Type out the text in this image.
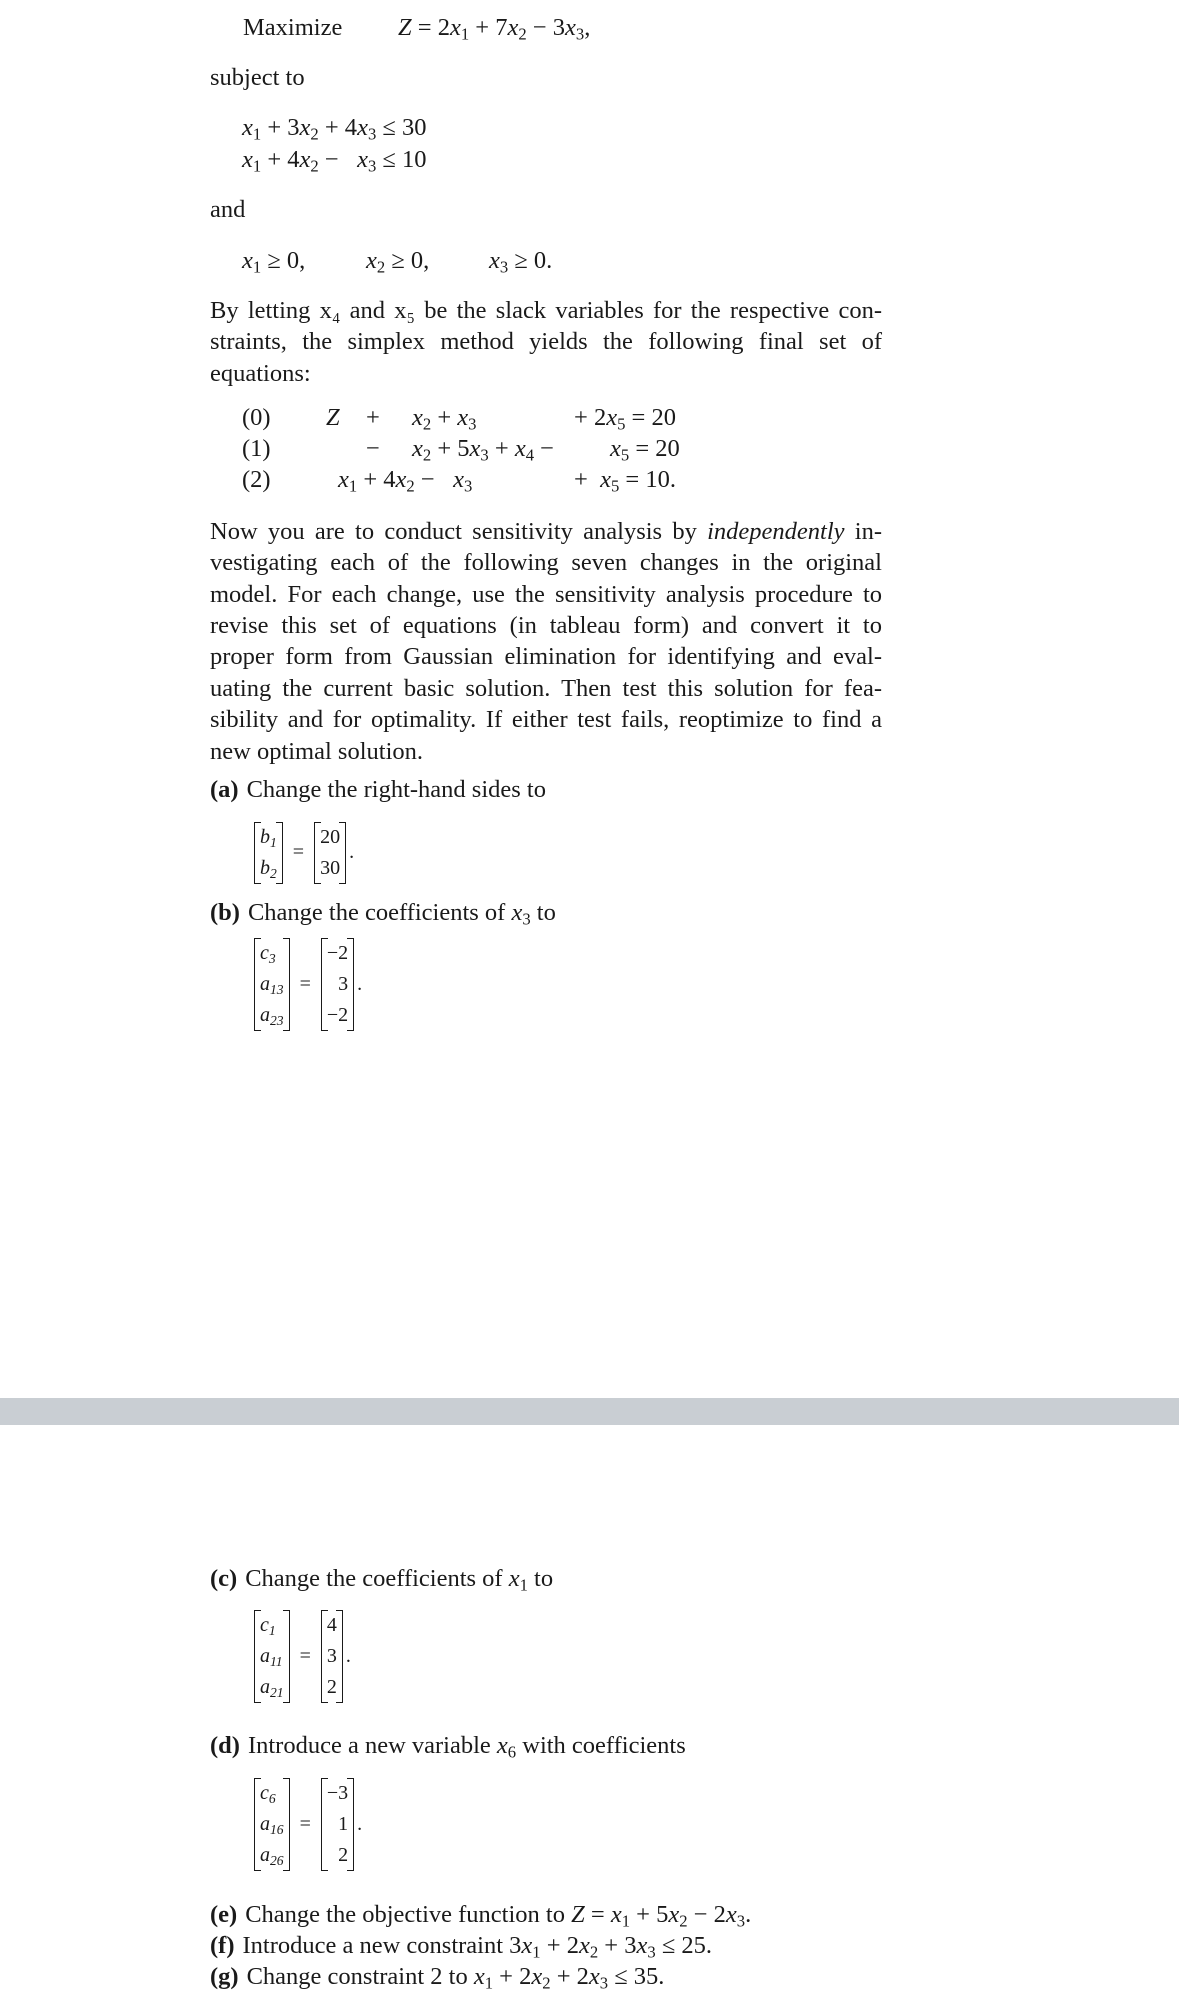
Maximize $Z = 2x_1 + 7x_2 - 3x_3$,
subject to
$x_1 + 3x_2 + 4x_3 \le 30$
$x_1 + 4x_2 - x_3 \le 10$
and
$x_1 \ge 0$, $x_2 \ge 0$, $x_3 \ge 0$.
By letting x₄ and x₅ be the slack variables for the respective con-
straints, the simplex method yields the following final set of
equations:
(0) $Z + x_2 + x_3$	+ $2x_5 = 20$
(1)	− $x_2 + 5x_3 + x_4 - x_5 = 20$
(2)	$x_1 + 4x_2 - x_3$	+  $x_5 = 10$.
Now you are to conduct sensitivity analysis by independently in-
vestigating each of the following seven changes in the original
model. For each change, use the sensitivity analysis procedure to
revise this set of equations (in tableau form) and convert it to
proper form from Gaussian elimination for identifying and eval-
uating the current basic solution. Then test this solution for fea-
sibility and for optimality. If either test fails, reoptimize to find a
new optimal solution.
(a) Change the right-hand sides to
$b_1$
$b_2$
=
20
30
.
(b) Change the coefficients of $x_3$ to
$c_3$
$a_{13}$
$a_{23}$
=
−2
3
−2
.
(c) Change the coefficients of $x_1$ to
$c_1$
$a_{11}$
$a_{21}$
=
4
3
2
.
(d) Introduce a new variable $x_6$ with coefficients
$c_6$
$a_{16}$
$a_{26}$
=
−3
1
2
.
(e) Change the objective function to $Z = x_1 + 5x_2 - 2x_3$.
(f) Introduce a new constraint $3x_1 + 2x_2 + 3x_3 \le 25$.
(g) Change constraint 2 to $x_1 + 2x_2 + 2x_3 \le 35$.
